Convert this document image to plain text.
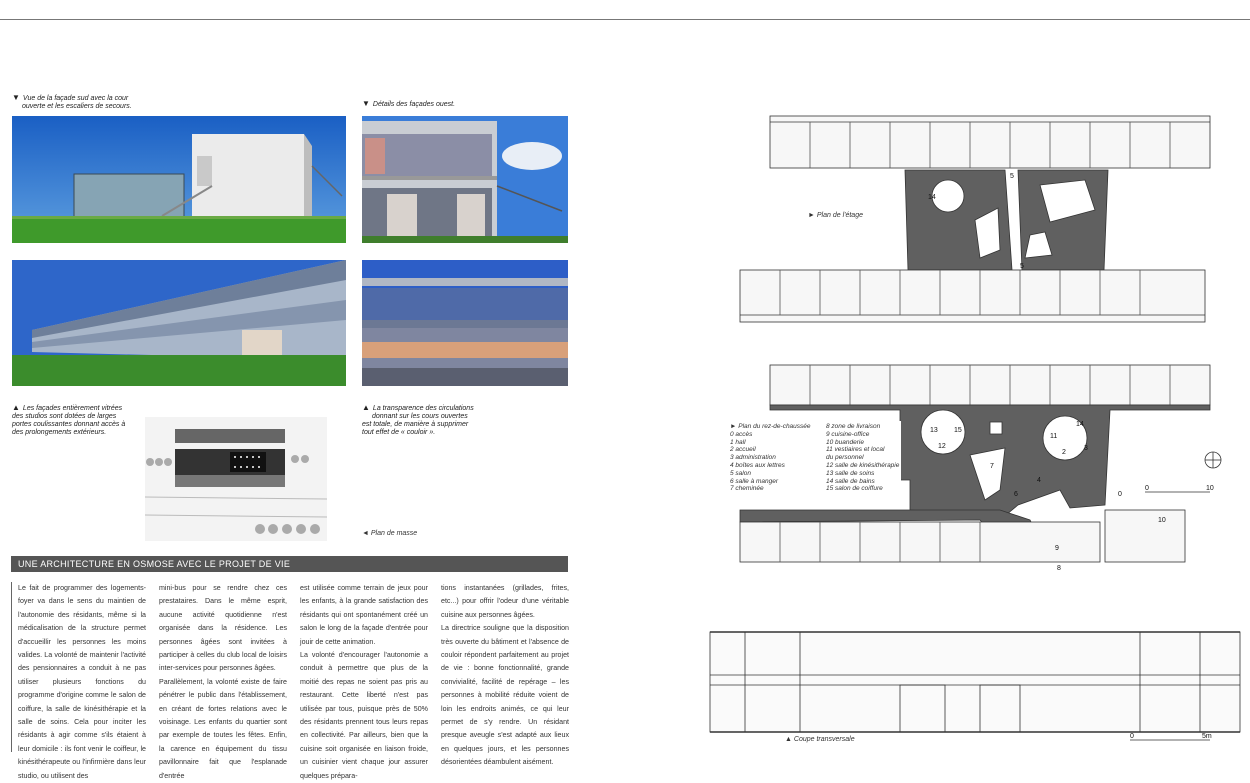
▼ Vue de la façade sud avec la cour
ouverte et les escaliers de secours.	▼ Détails des façades ouest.
▲ Les façades entièrement vitrées
des studios sont dotées de larges
portes coulissantes donnant accès à
des prolongements extérieurs.
▲ La transparence des circulations
donnant sur les cours ouvertes
est totale, de manière à supprimer
tout effet de « couloir ».
◄ Plan de masse
UNE ARCHITECTURE EN OSMOSE AVEC LE PROJET DE VIE

Le fait de programmer des logements-foyer va dans le sens du maintien de l'autonomie des résidants, même si la médicalisation de la structure permet d'accueillir les personnes les moins valides. La volonté de maintenir l'activité des pensionnaires a conduit à ne pas utiliser plusieurs fonctions du programme d'origine comme le salon de coiffure, la salle de kinésithérapie et la salle de soins. Cela pour inciter les résidants à agir comme s'ils étaient à leur domicile : ils font venir le coiffeur, le kinésithérapeute ou l'infirmière dans leur studio, ou utilisent des

mini-bus pour se rendre chez ces prestataires. Dans le même esprit, aucune activité quotidienne n'est organisée dans la résidence. Les personnes âgées sont invitées à participer à celles du club local de loisirs inter-services pour personnes âgées.

Parallèlement, la volonté existe de faire pénétrer le public dans l'établissement, en créant de fortes relations avec le voisinage. Les enfants du quartier sont par exemple de toutes les fêtes. Enfin, la carence en équipement du tissu pavillonnaire fait que l'esplanade d'entrée

est utilisée comme terrain de jeux pour les enfants, à la grande satisfaction des résidants qui ont spontanément créé un salon le long de la façade d'entrée pour jouir de cette animation.

La volonté d'encourager l'autonomie a conduit à permettre que plus de la moitié des repas ne soient pas pris au restaurant. Cette liberté n'est pas utilisée par tous, puisque près de 50% des résidants prennent tous leurs repas en collectivité. Par ailleurs, bien que la cuisine soit organisée en liaison froide, un cuisinier vient chaque jour assurer quelques prépara-

tions instantanées (grillades, frites, etc...) pour offrir l'odeur d'une véritable cuisine aux personnes âgées.

La directrice souligne que la disposition très ouverte du bâtiment et l'absence de couloir répondent parfaitement au projet de vie : bonne fonctionnalité, grande convivialité, facilité de repérage – les personnes à mobilité réduite voient de loin les endroits animés, ce qui leur permet de s'y rendre. Un résidant presque aveugle s'est adapté aux lieux en quelques jours, et les personnes désorientées déambulent aisément.

14
5
5
13 15
12
11
14
2
3
7
6
4
0
10
9
8
0	10
0	5m
► Plan de l'étage
► Plan du rez-de-chaussée
0 accès
1 hall
2 accueil
3 administration
4 boîtes aux lettres
5 salon
6 salle à manger
7 cheminée
8 zone de livraison
9 cuisine-office
10 buanderie
11 vestiaires et local
du personnel
12 salle de kinésithérapie
13 salle de soins
14 salle de bains
15 salon de coiffure
▲ Coupe transversale
